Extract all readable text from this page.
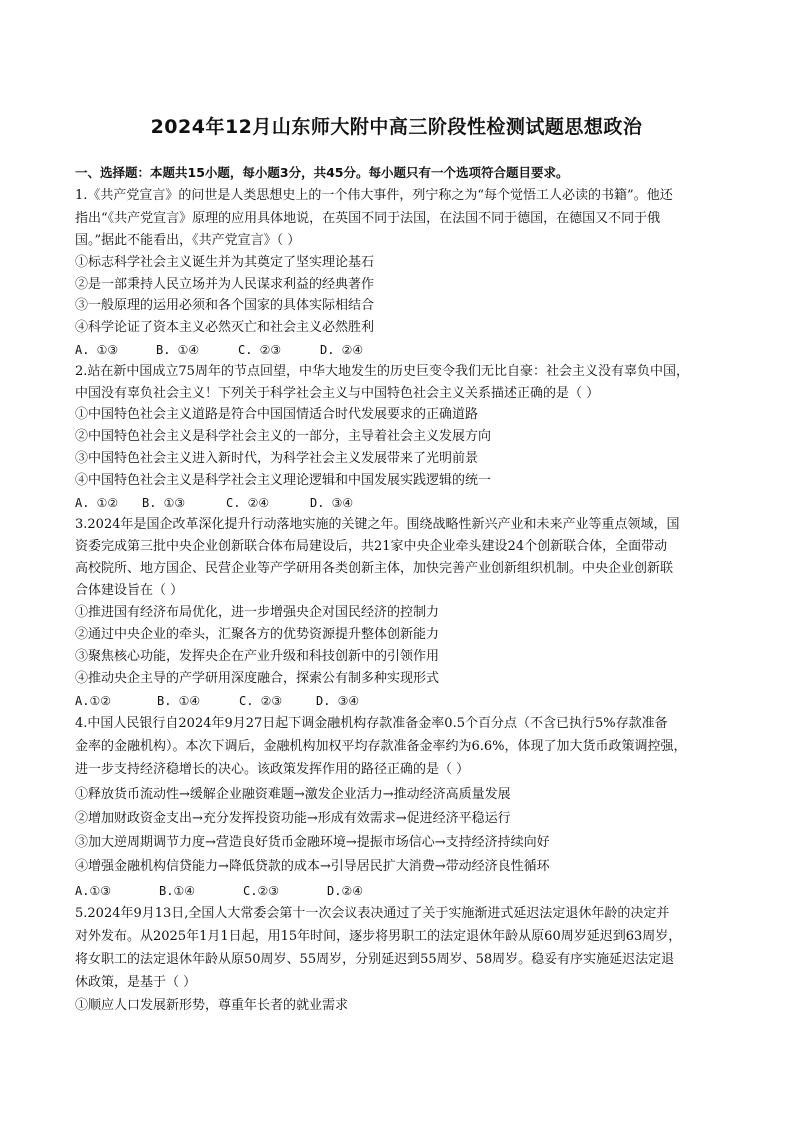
2024年12月山东师大附中高三阶段性检测试题思想政治
一、选择题：本题共15小题，每小题3分，共45分。每小题只有一个选项符合题目要求。
1.《共产党宣言》的问世是人类思想史上的一个伟大事件，列宁称之为“每个觉悟工人必读的书籍”。他还
指出“《共产党宣言》原理的应用具体地说，在英国不同于法国，在法国不同于德国，在德国又不同于俄
国。”据此不能看出，《共产党宣言》（ ）
①标志科学社会主义诞生并为其奠定了坚实理论基石
②是一部秉持人民立场并为人民谋求利益的经典著作
③一般原理的运用必须和各个国家的具体实际相结合
④科学论证了资本主义必然灭亡和社会主义必然胜利
A. ①③	B. ①④	C. ②③	D. ②④
2.站在新中国成立75周年的节点回望，中华大地发生的历史巨变令我们无比自豪：社会主义没有辜负中国，
中国没有辜负社会主义！下列关于科学社会主义与中国特色社会主义关系描述正确的是（ ）
①中国特色社会主义道路是符合中国国情适合时代发展要求的正确道路
②中国特色社会主义是科学社会主义的一部分，主导着社会主义发展方向
③中国特色社会主义进入新时代，为科学社会主义发展带来了光明前景
④中国特色社会主义是科学社会主义理论逻辑和中国发展实践逻辑的统一
A. ①② B. ①③	C. ②④	D. ③④
3.2024年是国企改革深化提升行动落地实施的关键之年。围绕战略性新兴产业和未来产业等重点领域，国
资委完成第三批中央企业创新联合体布局建设后，共21家中央企业牵头建设24个创新联合体，全面带动
高校院所、地方国企、民营企业等产学研用各类创新主体，加快完善产业创新组织机制。中央企业创新联
合体建设旨在（ ）
①推进国有经济布局优化，进一步增强央企对国民经济的控制力
②通过中央企业的牵头，汇聚各方的优势资源提升整体创新能力
③聚焦核心功能，发挥央企在产业升级和科技创新中的引领作用
④推动央企主导的产学研用深度融合，探索公有制多种实现形式
A.①②	B. ①④	C. ②③	D. ③④
4.中国人民银行自2024年9月27日起下调金融机构存款准备金率0.5个百分点（不含已执行5%存款准备
金率的金融机构）。本次下调后，金融机构加权平均存款准备金率约为6.6%，体现了加大货币政策调控强，
进一步支持经济稳增长的决心。该政策发挥作用的路径正确的是（ ）
①释放货币流动性→缓解企业融资难题→激发企业活力→推动经济高质量发展
②增加财政资金支出→充分发挥投资功能→形成有效需求→促进经济平稳运行
③加大逆周期调节力度→营造良好货币金融环境→提振市场信心→支持经济持续向好
④增强金融机构信贷能力→降低贷款的成本→引导居民扩大消费→带动经济良性循环
A.①③	B.①④	C.②③	D.②④
5.2024年9月13日,全国人大常委会第十一次会议表决通过了关于实施渐进式延迟法定退休年龄的决定并
对外发布。从2025年1月1日起，用15年时间，逐步将男职工的法定退休年龄从原60周岁延迟到63周岁，
将女职工的法定退休年龄从原50周岁、55周岁，分别延迟到55周岁、58周岁。稳妥有序实施延迟法定退
休政策，是基于（ ）
①顺应人口发展新形势，尊重年长者的就业需求
